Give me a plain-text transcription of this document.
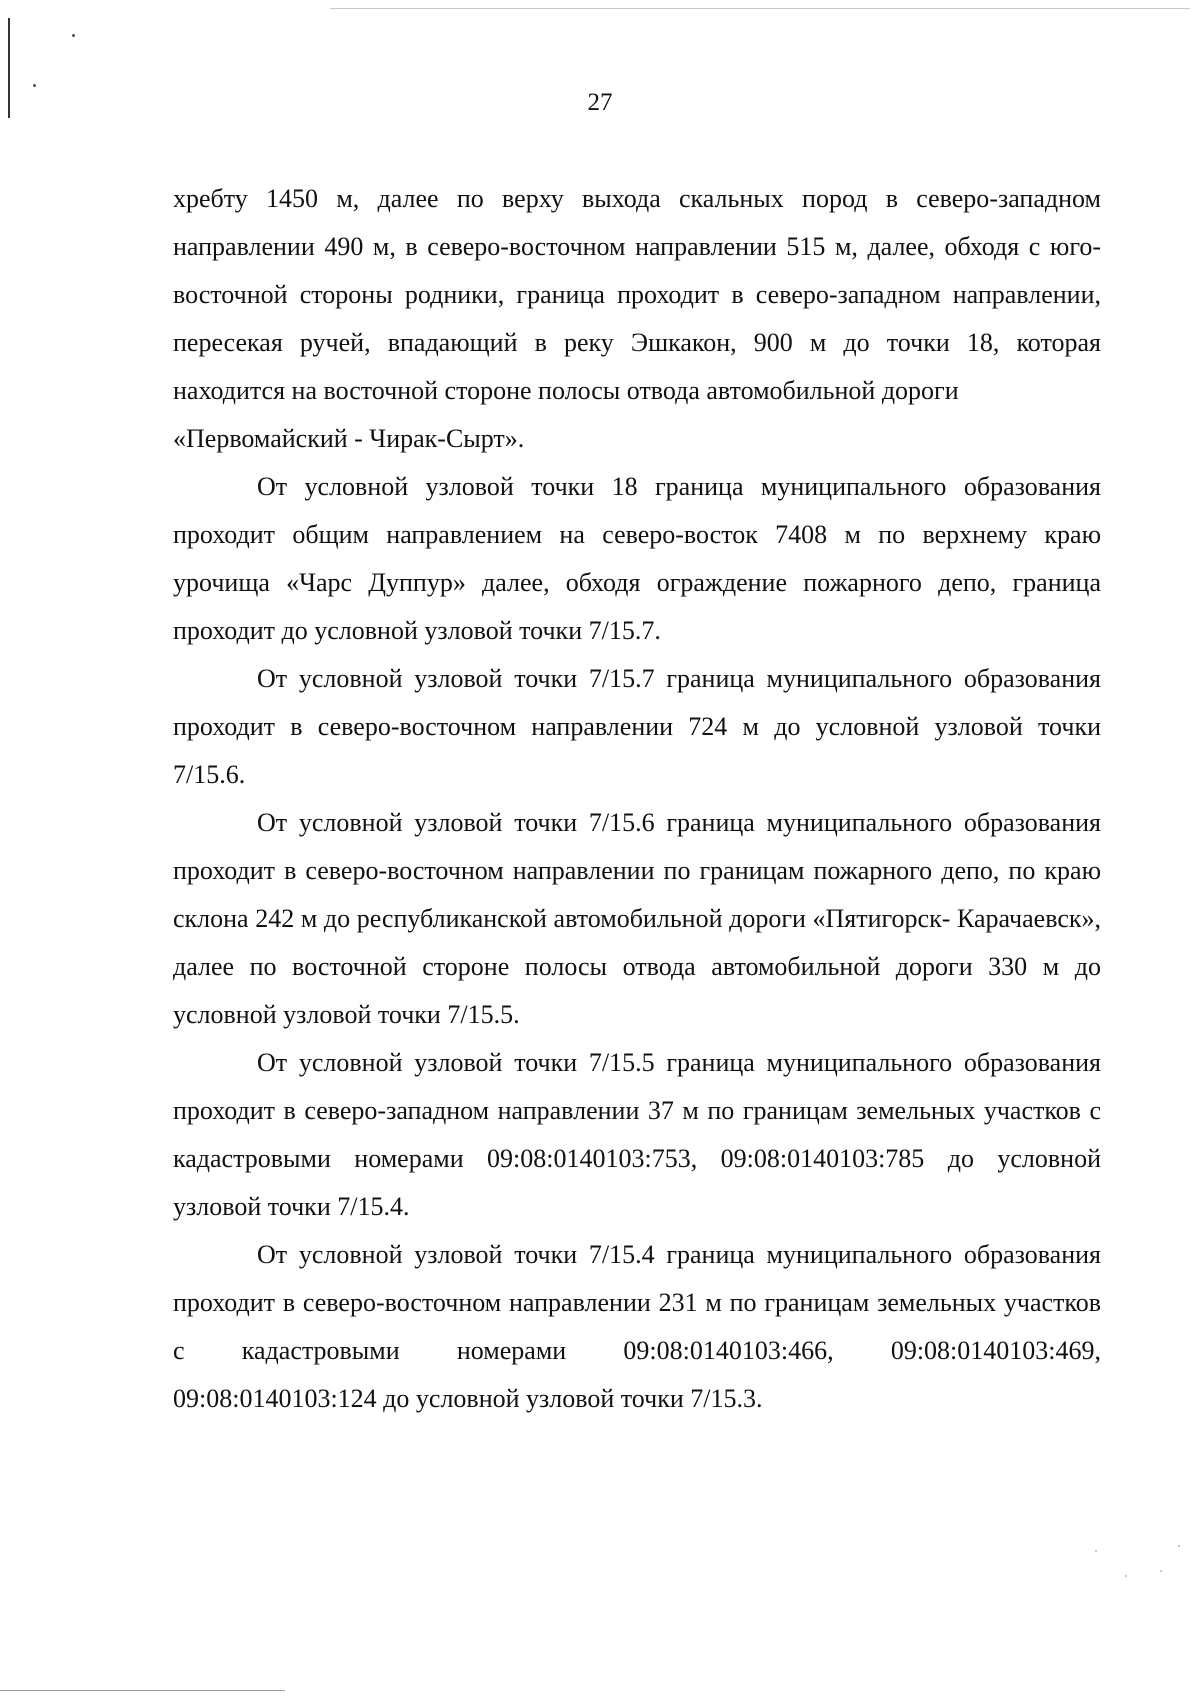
27

хребту 1450 м, далее по верху выхода скальных пород в северо-западном направлении 490 м, в северо-восточном направлении 515 м, далее, обходя с юго-восточной стороны родники, граница проходит в северо-западном направлении, пересекая ручей, впадающий в реку Эшкакон, 900 м до точки 18, которая находится на восточной стороне полосы отвода автомобильной дороги

«Первомайский - Чирак-Сырт».

От условной узловой точки 18 граница муниципального образования проходит общим направлением на северо-восток 7408 м по верхнему краю урочища «Чарс Дуппур» далее, обходя ограждение пожарного депо, граница проходит до условной узловой точки 7/15.7.

От условной узловой точки 7/15.7 граница муниципального образования проходит в северо-восточном направлении 724 м до условной узловой точки 7/15.6.

От условной узловой точки 7/15.6 граница муниципального образования проходит в северо-восточном направлении по границам пожарного депо, по краю склона 242 м до республиканской автомобильной дороги «Пятигорск- Карачаевск», далее по восточной стороне полосы отвода автомобильной дороги 330 м до условной узловой точки 7/15.5.

От условной узловой точки 7/15.5 граница муниципального образования проходит в северо-западном направлении 37 м по границам земельных участков с кадастровыми номерами 09:08:0140103:753, 09:08:0140103:785 до условной узловой точки 7/15.4.

От условной узловой точки 7/15.4 граница муниципального образования проходит в северо-восточном направлении 231 м по границам земельных участков с кадастровыми номерами 09:08:0140103:466, 09:08:0140103:469, 09:08:0140103:124 до условной узловой точки 7/15.3.
